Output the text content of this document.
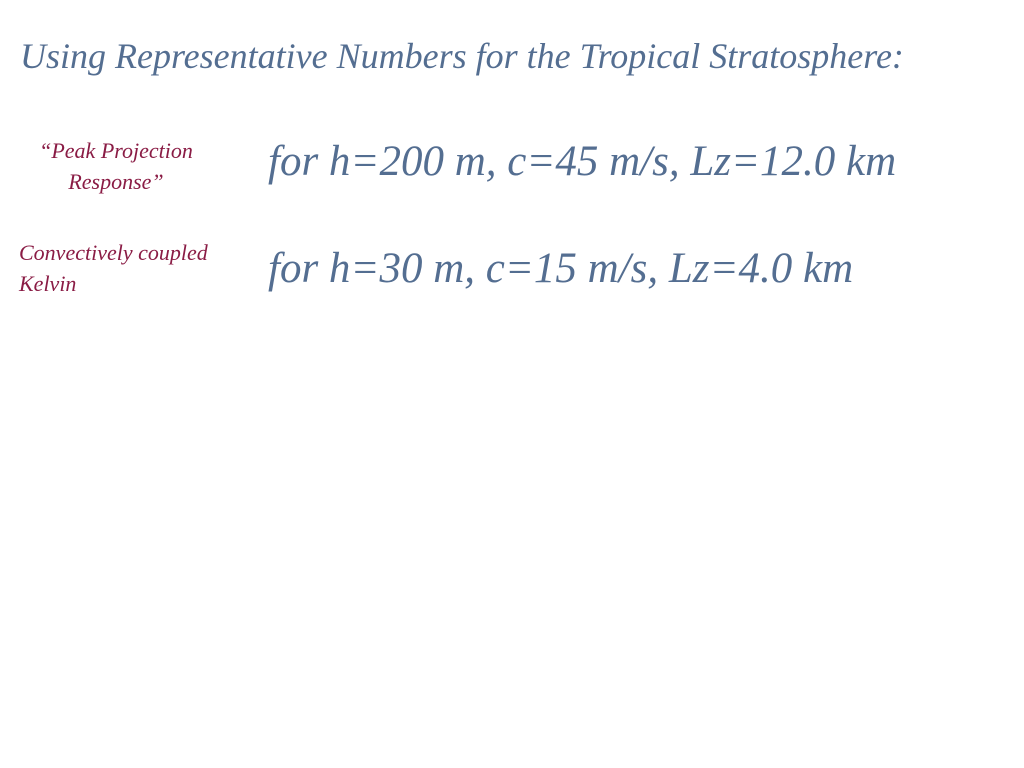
Using Representative Numbers for the Tropical Stratosphere:
“Peak Projection
Response”	for h=200 m, c=45 m/s, Lz=12.0 km
Convectively coupled
Kelvin	for h=30 m, c=15 m/s, Lz=4.0 km
